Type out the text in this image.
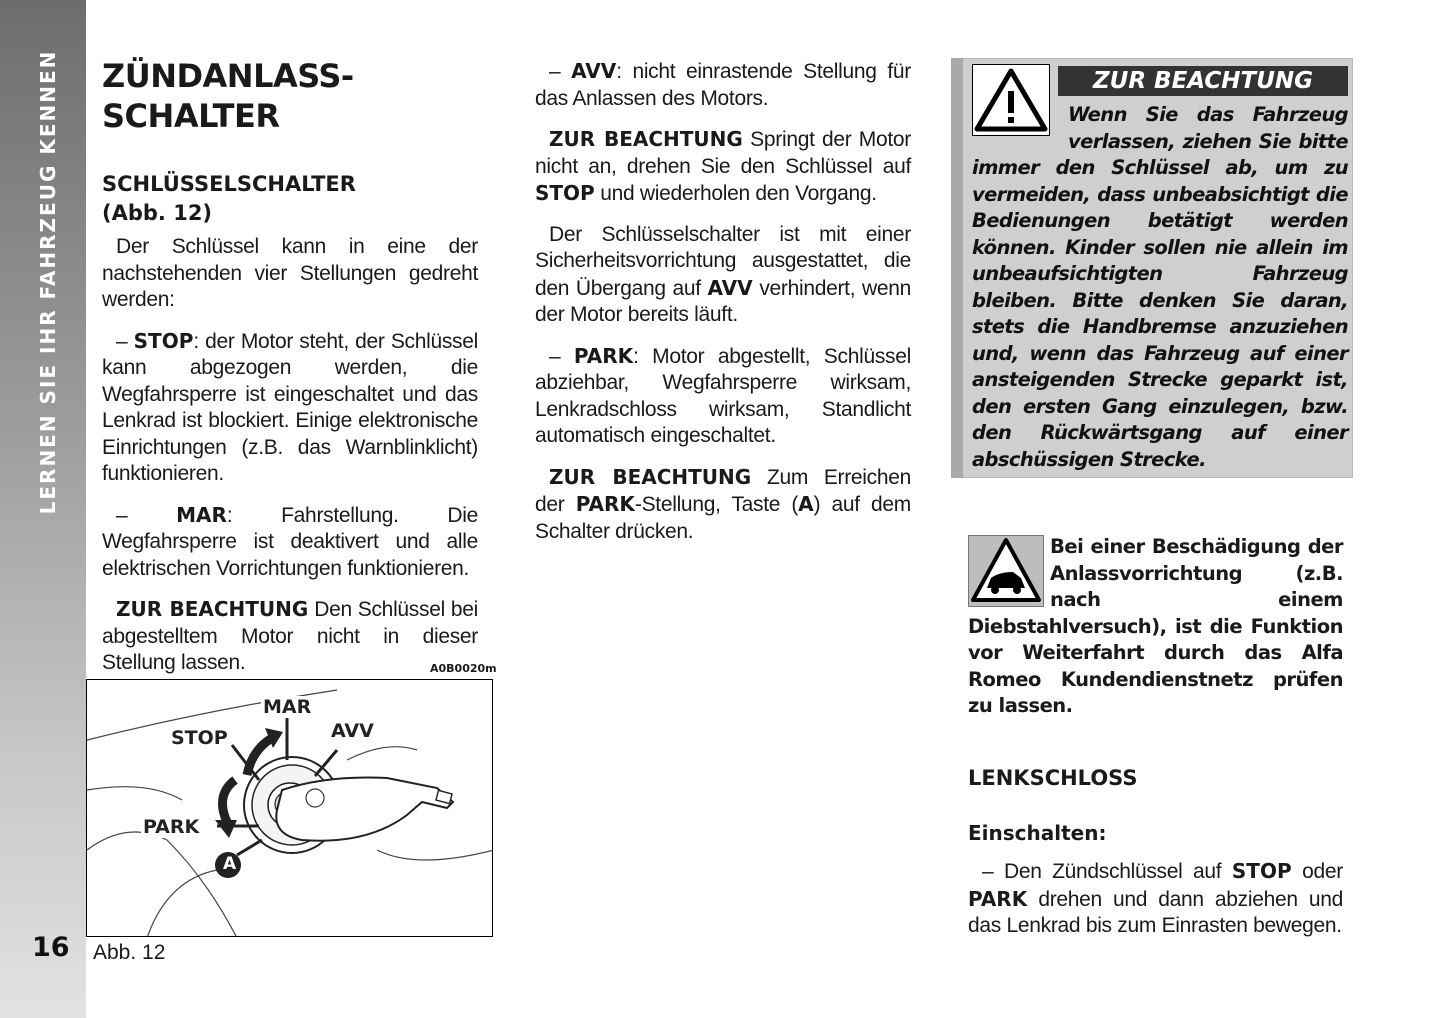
LERNEN SIE IHR FAHRZEUG KENNEN
16
ZÜNDANLASS-
SCHALTER
SCHLÜSSELSCHALTER
(Abb. 12)

Der Schlüssel kann in eine der nachstehenden vier Stellungen gedreht werden:

– STOP: der Motor steht, der Schlüssel kann abgezogen werden, die Wegfahrsperre ist eingeschaltet und das Lenkrad ist blockiert. Einige elektronische Einrichtungen (z.B. das Warnblinklicht) funktionieren.

– MAR: Fahrstellung. Die Wegfahrsperre ist deaktivert und alle elektrischen Vorrichtungen funktionieren.

ZUR BEACHTUNG Den Schlüssel bei abgestelltem Motor nicht in dieser Stellung lassen.	A0B0020m
MAR
STOP	AVV
PARK
A
Abb. 12

– AVV: nicht einrastende Stellung für das Anlassen des Motors.

ZUR BEACHTUNG Springt der Motor nicht an, drehen Sie den Schlüssel auf STOP und wiederholen den Vorgang.

Der Schlüsselschalter ist mit einer Sicherheitsvorrichtung ausgestattet, die den Übergang auf AVV verhindert, wenn der Motor bereits läuft.

– PARK: Motor abgestellt, Schlüssel abziehbar, Wegfahrsperre wirksam, Lenkradschloss wirksam, Standlicht automatisch eingeschaltet.

ZUR BEACHTUNG Zum Erreichen der PARK-Stellung, Taste (A) auf dem Schalter drücken.

ZUR BEACHTUNG
Wenn Sie das Fahrzeug verlassen, ziehen Sie bitte immer den Schlüssel ab, um zu vermeiden, dass unbeabsichtigt die Bedienungen betätigt werden können. Kinder sollen nie allein im unbeaufsichtigten Fahrzeug bleiben. Bitte denken Sie daran, stets die Handbremse anzuziehen und, wenn das Fahrzeug auf einer ansteigenden Strecke geparkt ist, den ersten Gang einzulegen, bzw. den Rückwärtsgang auf einer abschüssigen Strecke.
Bei einer Beschädigung der Anlassvorrichtung (z.B. nach einem Diebstahlversuch), ist die Funktion vor Weiterfahrt durch das Alfa Romeo Kundendienstnetz prüfen zu lassen.
LENKSCHLOSS
Einschalten:

– Den Zündschlüssel auf STOP oder PARK drehen und dann abziehen und das Lenkrad bis zum Einrasten bewegen.
